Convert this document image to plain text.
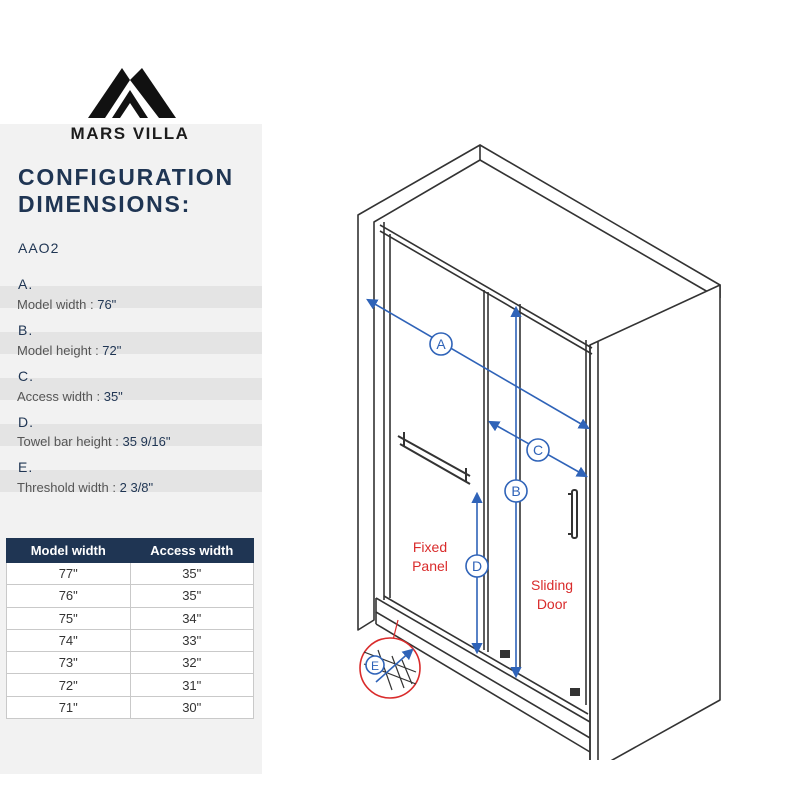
MARS VILLA
CONFIGURATION
DIMENSIONS:
AAO2
A.
Model width : 76"
B.
Model height : 72"
C.
Access width : 35"
D.
Towel bar height : 35 9/16"
E.
Threshold width : 2 3/8"
Model width	Access width
77"	35"
76"	35"
75"	34"
74"	33"
73"	32"
72"	31"
71"	30"
A
B
C
D
E
Fixed
Panel
Sliding
Door
